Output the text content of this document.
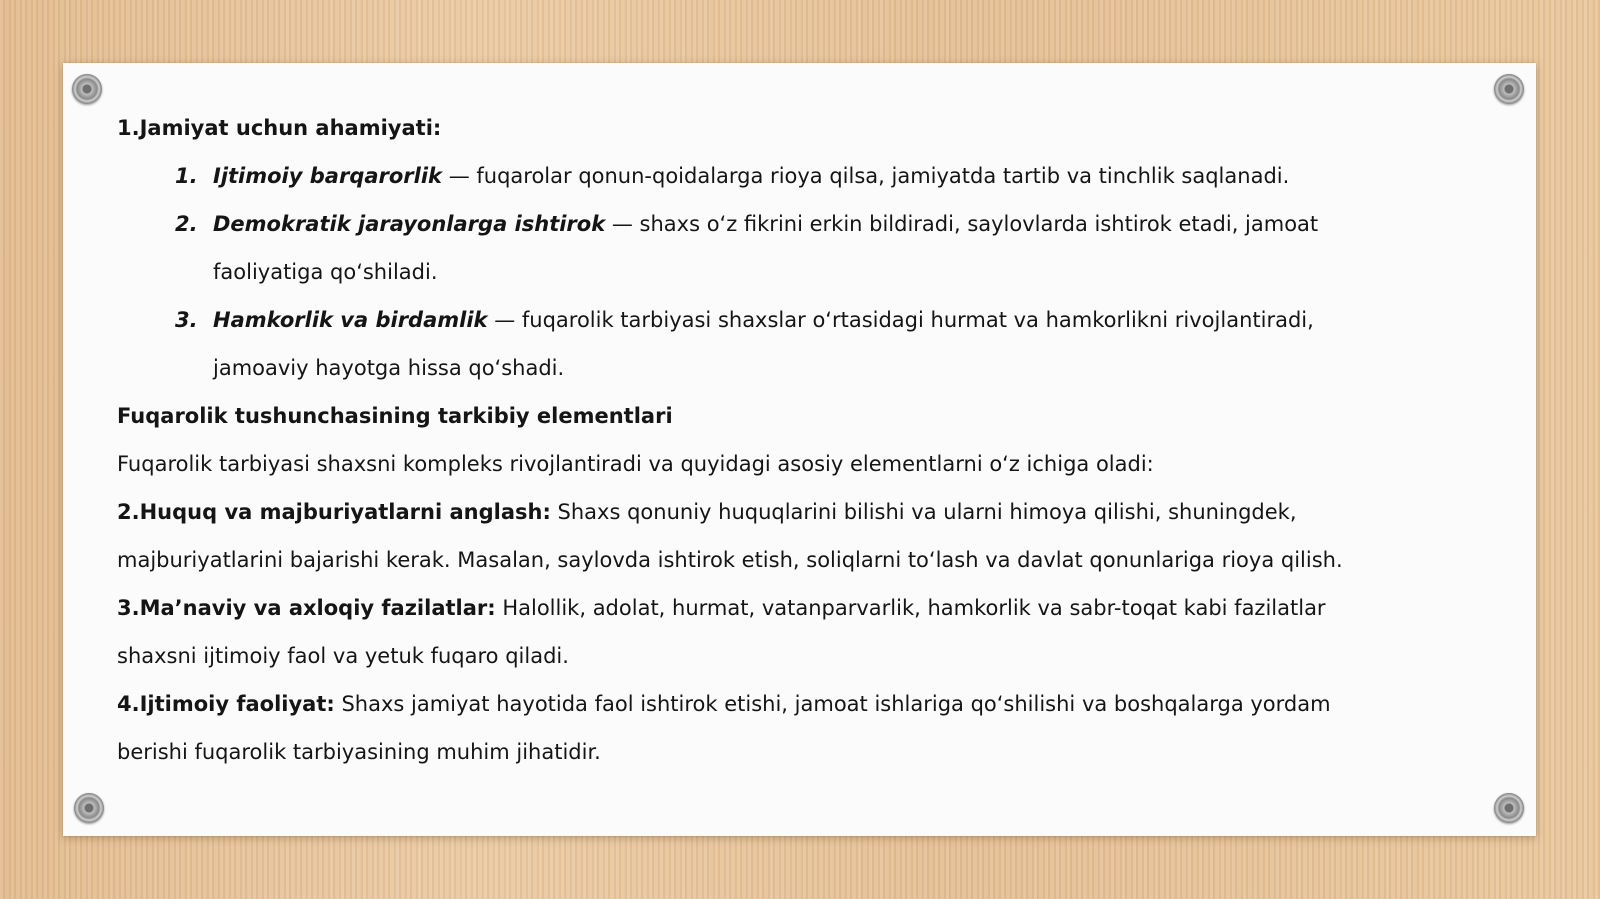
1.Jamiyat uchun ahamiyati:
1. Ijtimoiy barqarorlik — fuqarolar qonun-qoidalarga rioya qilsa, jamiyatda tartib va tinchlik saqlanadi.
2. Demokratik jarayonlarga ishtirok — shaxs o‘z fikrini erkin bildiradi, saylovlarda ishtirok etadi, jamoat
faoliyatiga qo‘shiladi.
3. Hamkorlik va birdamlik — fuqarolik tarbiyasi shaxslar o‘rtasidagi hurmat va hamkorlikni rivojlantiradi,
jamoaviy hayotga hissa qo‘shadi.
Fuqarolik tushunchasining tarkibiy elementlari
Fuqarolik tarbiyasi shaxsni kompleks rivojlantiradi va quyidagi asosiy elementlarni o‘z ichiga oladi:
2.Huquq va majburiyatlarni anglash: Shaxs qonuniy huquqlarini bilishi va ularni himoya qilishi, shuningdek,
majburiyatlarini bajarishi kerak. Masalan, saylovda ishtirok etish, soliqlarni to‘lash va davlat qonunlariga rioya qilish.
3.Ma’naviy va axloqiy fazilatlar: Halollik, adolat, hurmat, vatanparvarlik, hamkorlik va sabr-toqat kabi fazilatlar
shaxsni ijtimoiy faol va yetuk fuqaro qiladi.
4.Ijtimoiy faoliyat: Shaxs jamiyat hayotida faol ishtirok etishi, jamoat ishlariga qo‘shilishi va boshqalarga yordam
berishi fuqarolik tarbiyasining muhim jihatidir.
